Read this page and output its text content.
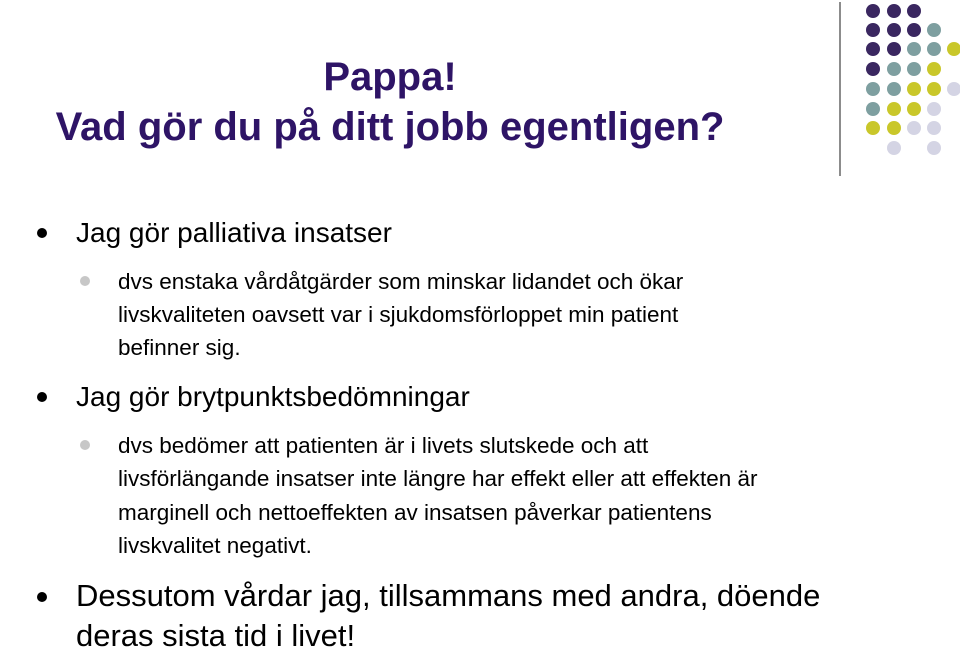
Pappa!
Vad gör du på ditt jobb egentligen?
Jag gör palliativa insatser
dvs enstaka vårdåtgärder som minskar lidandet och ökar
livskvaliteten oavsett var i sjukdomsförloppet min patient
befinner sig.
Jag gör brytpunktsbedömningar
dvs bedömer att patienten är i livets slutskede och att
livsförlängande insatser inte längre har effekt eller att effekten är
marginell och nettoeffekten av insatsen påverkar patientens
livskvalitet negativt.
Dessutom vårdar jag, tillsammans med andra, döende
deras sista tid i livet!
